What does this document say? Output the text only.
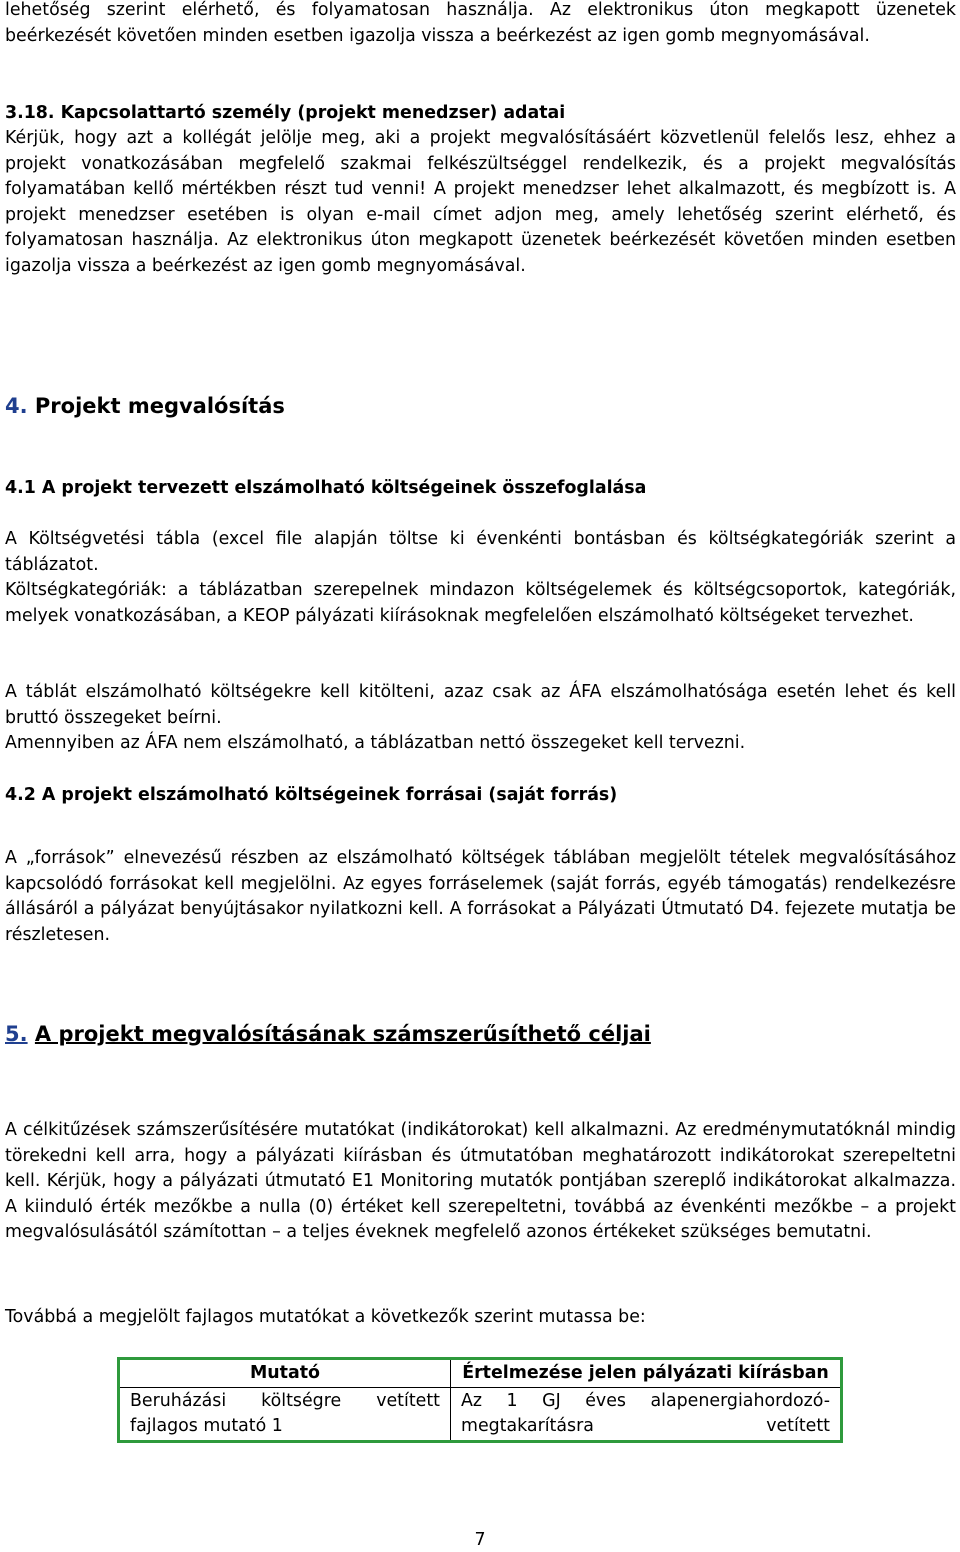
lehetőség szerint elérhető, és folyamatosan használja. Az elektronikus úton megkapott üzenetek beérkezését követően minden esetben igazolja vissza a beérkezést az igen gomb megnyomásával.
3.18. Kapcsolattartó személy (projekt menedzser) adatai
Kérjük, hogy azt a kollégát jelölje meg, aki a projekt megvalósításáért közvetlenül felelős lesz, ehhez a projekt vonatkozásában megfelelő szakmai felkészültséggel rendelkezik, és a projekt megvalósítás folyamatában kellő mértékben részt tud venni! A projekt menedzser lehet alkalmazott, és megbízott is. A projekt menedzser esetében is olyan e-mail címet adjon meg, amely lehetőség szerint elérhető, és folyamatosan használja. Az elektronikus úton megkapott üzenetek beérkezését követően minden esetben igazolja vissza a beérkezést az igen gomb megnyomásával.
4. Projekt megvalósítás
4.1 A projekt tervezett elszámolható költségeinek összefoglalása
A Költségvetési tábla (excel file alapján töltse ki évenkénti bontásban és költségkategóriák szerint a táblázatot.
Költségkategóriák: a táblázatban szerepelnek mindazon költségelemek és költségcsoportok, kategóriák, melyek vonatkozásában, a KEOP pályázati kiírásoknak megfelelően elszámolható költségeket tervezhet.
A táblát elszámolható költségekre kell kitölteni, azaz csak az ÁFA elszámolhatósága esetén lehet és kell bruttó összegeket beírni.
Amennyiben az ÁFA nem elszámolható, a táblázatban nettó összegeket kell tervezni.
4.2 A projekt elszámolható költségeinek forrásai (saját forrás)
A „források” elnevezésű részben az elszámolható költségek táblában megjelölt tételek megvalósításához kapcsolódó forrásokat kell megjelölni. Az egyes forráselemek (saját forrás, egyéb támogatás) rendelkezésre állásáról a pályázat benyújtásakor nyilatkozni kell. A forrásokat a Pályázati Útmutató D4. fejezete mutatja be részletesen.
5. A projekt megvalósításának számszerűsíthető céljai
A célkitűzések számszerűsítésére mutatókat (indikátorokat) kell alkalmazni. Az eredménymutatóknál mindig törekedni kell arra, hogy a pályázati kiírásban és útmutatóban meghatározott indikátorokat szerepeltetni kell. Kérjük, hogy a pályázati útmutató E1 Monitoring mutatók pontjában szereplő indikátorokat alkalmazza. A kiinduló érték mezőkbe a nulla (0) értéket kell szerepeltetni, továbbá az évenkénti mezőkbe – a projekt megvalósulásától számítottan – a teljes éveknek megfelelő azonos értékeket szükséges bemutatni.
Továbbá a megjelölt fajlagos mutatókat a következők szerint mutassa be:
Mutató	Értelmezése jelen pályázati kiírásban
Beruházási költségre vetített fajlagos mutató 1	Az 1 GJ éves alapenergiahordozó-megtakarításra vetített
7
